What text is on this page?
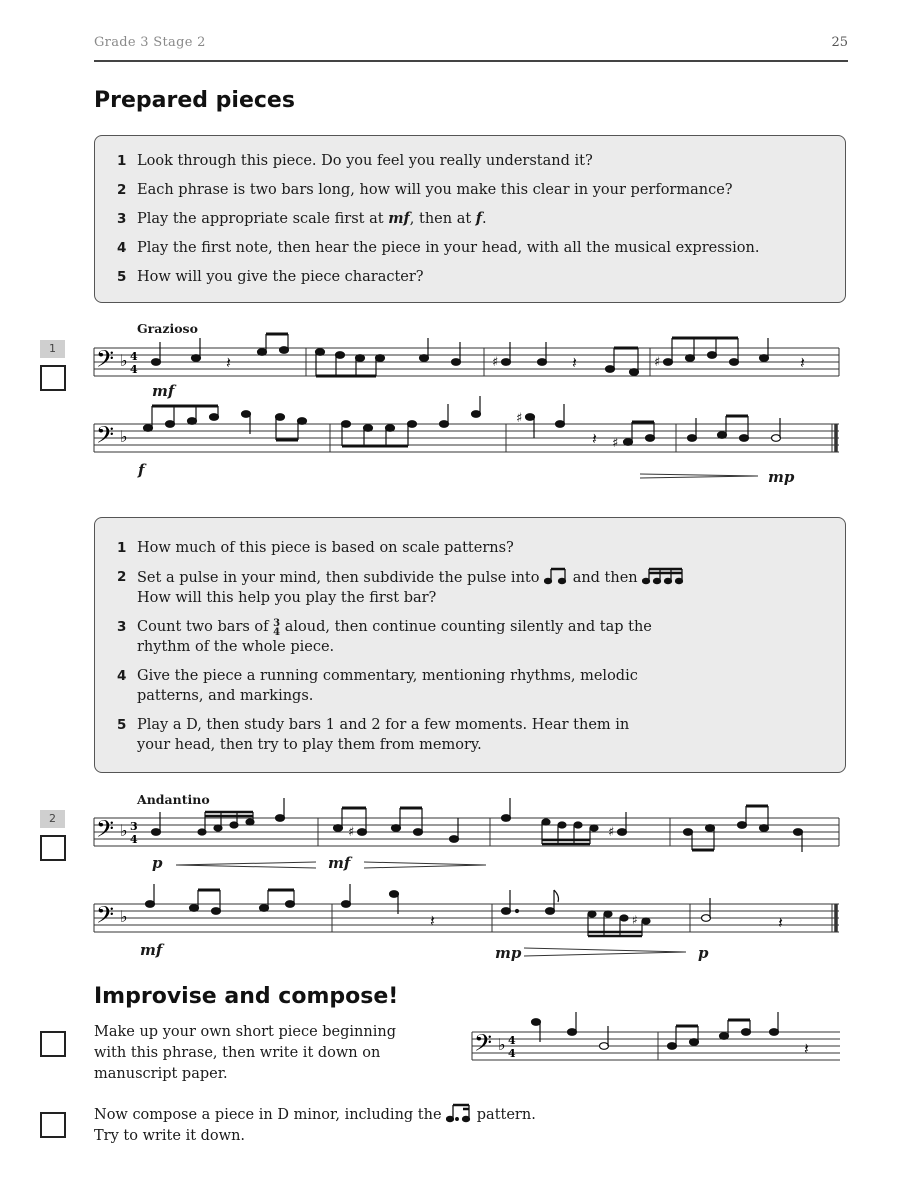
Grade 3 Stage 2	25
Prepared pieces
1 Look through this piece. Do you feel you really understand it?
2 Each phrase is two bars long, how will you make this clear in your performance?
3 Play the appropriate scale first at mf, then at f.
4 Play the first note, then hear the piece in your head, with all the musical expression.
5 How will you give the piece character?
Grazioso
1	𝄢 ♭ 4
4	𝄽	♯	𝄽	♯	𝄽
mf
𝄢 ♭
♯
𝄽 ♯
f	mp
1 How much of this piece is based on scale patterns?
2 Set a pulse in your mind, then subdivide the pulse into  and then
How will this help you play the first bar?
3 Count two bars of 3
4 aloud, then continue counting silently and tap the
rhythm of the whole piece.
4 Give the piece a running commentary, mentioning rhythms, melodic
patterns, and markings.
5 Play a D, then study bars 1 and 2 for a few moments. Hear them in
your head, then try to play them from memory.
Andantino
2	𝄢 ♭ 3
4	♯	♯
p	mf
𝄢 ♭	𝄽	♯	𝄽
mf	mp	p
Improvise and compose!
Make up your own short piece beginning
with this phrase, then write it down on
manuscript paper.
𝄢 ♭ 4
4	𝄽
Now compose a piece in D minor, including the  pattern.
Try to write it down.
